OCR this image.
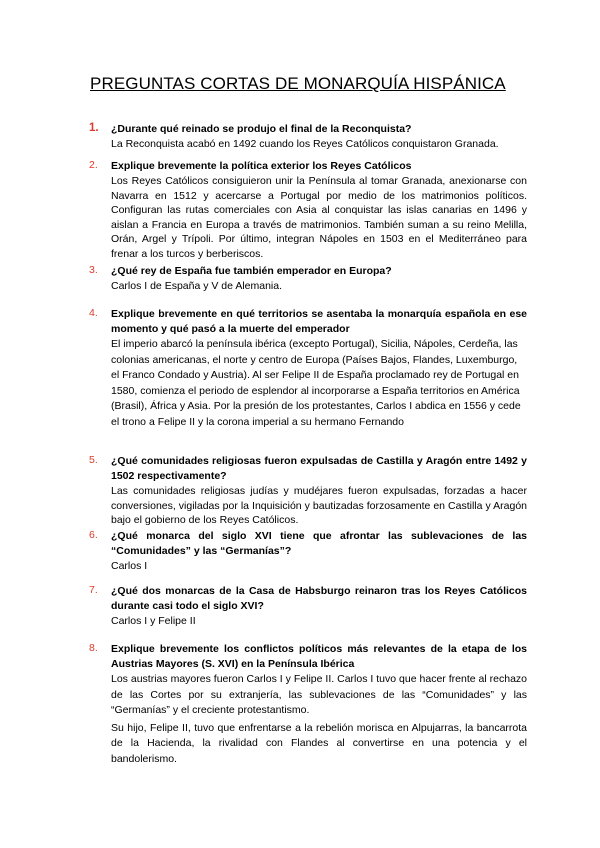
PREGUNTAS CORTAS DE MONARQUÍA HISPÁNICA
1. ¿Durante qué reinado se produjo el final de la Reconquista?

La Reconquista acabó en 1492 cuando los Reyes Católicos conquistaron Granada.

2. Explique brevemente la política exterior los Reyes Católicos

Los Reyes Católicos consiguieron unir la Península al tomar Granada, anexionarse con Navarra en 1512 y acercarse a Portugal por medio de los matrimonios políticos. Configuran las rutas comerciales con Asia al conquistar las islas canarias en 1496 y aislan a Francia en Europa a través de matrimonios. También suman a su reino Melilla, Orán, Argel y Trípoli. Por último, integran Nápoles en 1503 en el Mediterráneo para frenar a los turcos y berberiscos.

3. ¿Qué rey de España fue también emperador en Europa?

Carlos I de España y V de Alemania.

4. Explique brevemente en qué territorios se asentaba la monarquía española en ese momento y qué pasó a la muerte del emperador

El imperio abarcó la península ibérica (excepto Portugal), Sicilia, Nápoles, Cerdeña, las colonias americanas, el norte y centro de Europa (Países Bajos, Flandes, Luxemburgo, el Franco Condado y Austria). Al ser Felipe II de España proclamado rey de Portugal en 1580, comienza el periodo de esplendor al incorporarse a España territorios en América (Brasil), África y Asia. Por la presión de los protestantes, Carlos I abdica en 1556 y cede el trono a Felipe II y la corona imperial a su hermano Fernando

5. ¿Qué comunidades religiosas fueron expulsadas de Castilla y Aragón entre 1492 y 1502 respectivamente?

Las comunidades religiosas judías y mudéjares fueron expulsadas, forzadas a hacer conversiones, vigiladas por la Inquisición y bautizadas forzosamente en Castilla y Aragón bajo el gobierno de los Reyes Católicos.

6. ¿Qué monarca del siglo XVI tiene que afrontar las sublevaciones de las “Comunidades” y las “Germanías”?

Carlos I

7. ¿Qué dos monarcas de la Casa de Habsburgo reinaron tras los Reyes Católicos durante casi todo el siglo XVI?

Carlos I y Felipe II

8. Explique brevemente los conflictos políticos más relevantes de la etapa de los Austrias Mayores (S. XVI) en la Península Ibérica

Los austrias mayores fueron Carlos I y Felipe II. Carlos I tuvo que hacer frente al rechazo de las Cortes por su extranjería, las sublevaciones de las “Comunidades” y las “Germanías” y el creciente protestantismo.

Su hijo, Felipe II, tuvo que enfrentarse a la rebelión morisca en Alpujarras, la bancarrota de la Hacienda, la rivalidad con Flandes al convertirse en una potencia y el bandolerismo.
